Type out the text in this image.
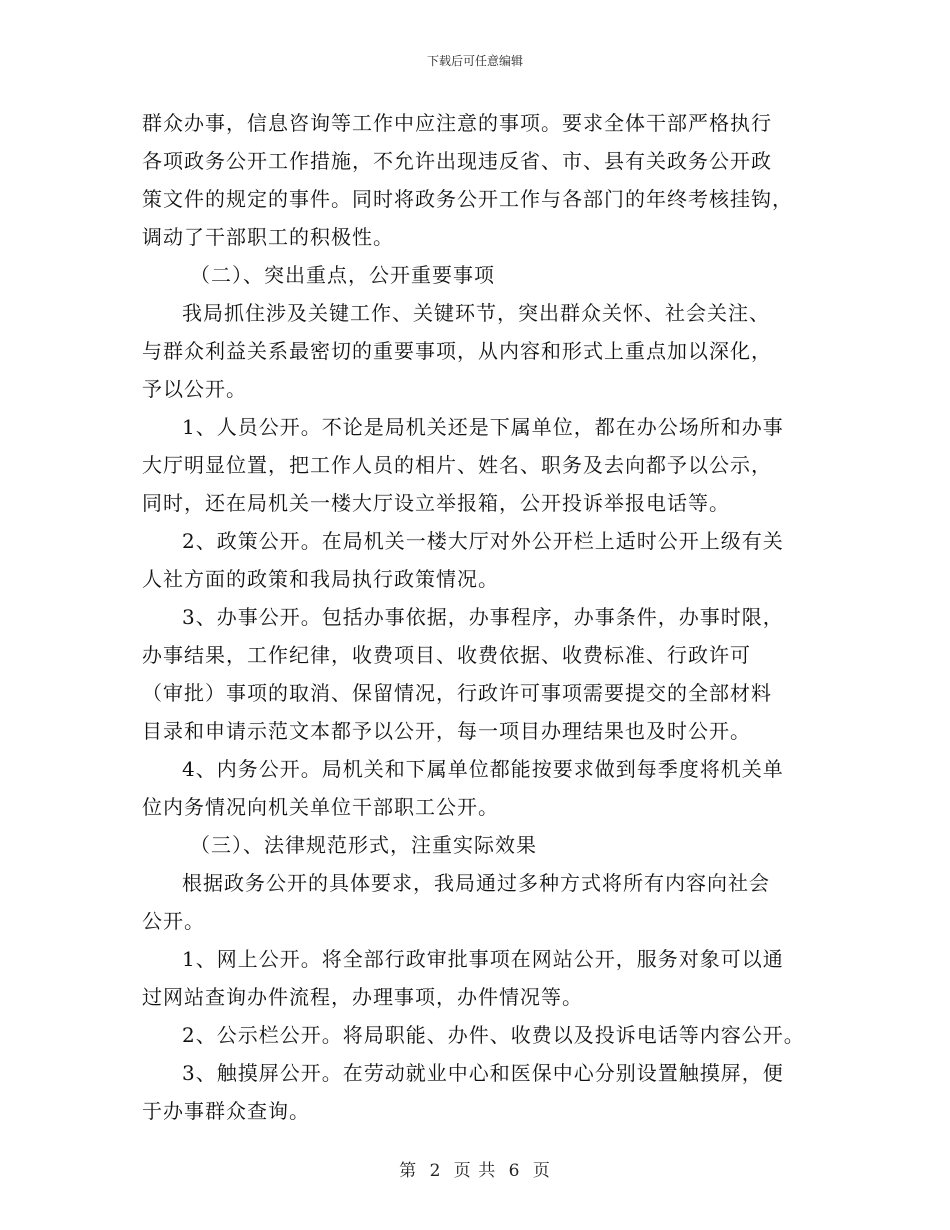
下载后可任意编辑
群众办事，信息咨询等工作中应注意的事项。要求全体干部严格执行
各项政务公开工作措施，不允许出现违反省、市、县有关政务公开政
策文件的规定的事件。同时将政务公开工作与各部门的年终考核挂钩，
调动了干部职工的积极性。
（二）、突出重点，公开重要事项
我局抓住涉及关键工作、关键环节，突出群众关怀、社会关注、
与群众利益关系最密切的重要事项，从内容和形式上重点加以深化，
予以公开。
1、人员公开。不论是局机关还是下属单位，都在办公场所和办事
大厅明显位置，把工作人员的相片、姓名、职务及去向都予以公示，
同时，还在局机关一楼大厅设立举报箱，公开投诉举报电话等。
2、政策公开。在局机关一楼大厅对外公开栏上适时公开上级有关
人社方面的政策和我局执行政策情况。
3、办事公开。包括办事依据，办事程序，办事条件，办事时限，
办事结果，工作纪律，收费项目、收费依据、收费标准、行政许可
（审批）事项的取消、保留情况，行政许可事项需要提交的全部材料
目录和申请示范文本都予以公开，每一项目办理结果也及时公开。
4、内务公开。局机关和下属单位都能按要求做到每季度将机关单
位内务情况向机关单位干部职工公开。
（三）、法律规范形式，注重实际效果
根据政务公开的具体要求，我局通过多种方式将所有内容向社会
公开。
1、网上公开。将全部行政审批事项在网站公开，服务对象可以通
过网站查询办件流程，办理事项，办件情况等。
2、公示栏公开。将局职能、办件、收费以及投诉电话等内容公开。
3、触摸屏公开。在劳动就业中心和医保中心分别设置触摸屏，便
于办事群众查询。
第 2 页 共 6 页
